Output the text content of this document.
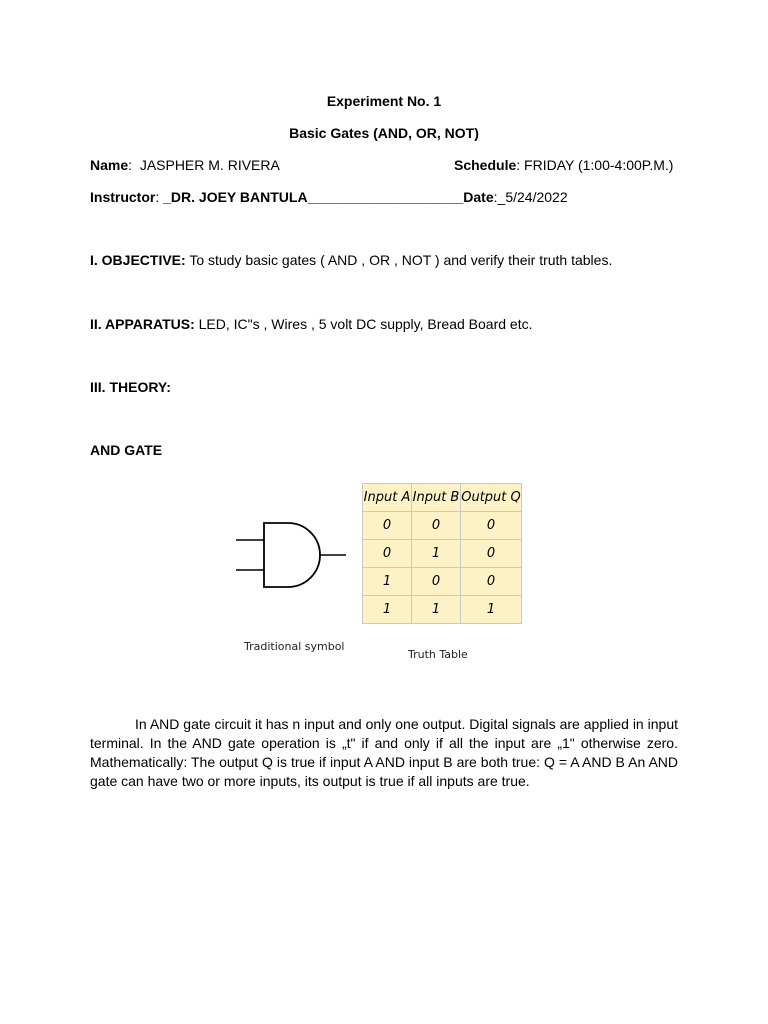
Experiment No. 1
Basic Gates (AND, OR, NOT)
Name:  JASPHER M. RIVERA	Schedule: FRIDAY (1:00-4:00P.M.)
Instructor: _DR. JOEY BANTULA____________________Date:_5/24/2022
I. OBJECTIVE: To study basic gates ( AND , OR , NOT ) and verify their truth tables.
II. APPARATUS: LED, IC"s , Wires , 5 volt DC supply, Bread Board etc.
III. THEORY:
AND GATE
Traditional symbol
Input A	Input B	Output Q
0	0	0
0	1	0
1	0	0
1	1	1
Truth Table
In AND gate circuit it has n input and only one output. Digital signals are applied in input terminal. In the AND gate operation is „t" if and only if all the input are „1" otherwise zero. Mathematically: The output Q is true if input A AND input B are both true: Q = A AND B An AND gate can have two or more inputs, its output is true if all inputs are true.
